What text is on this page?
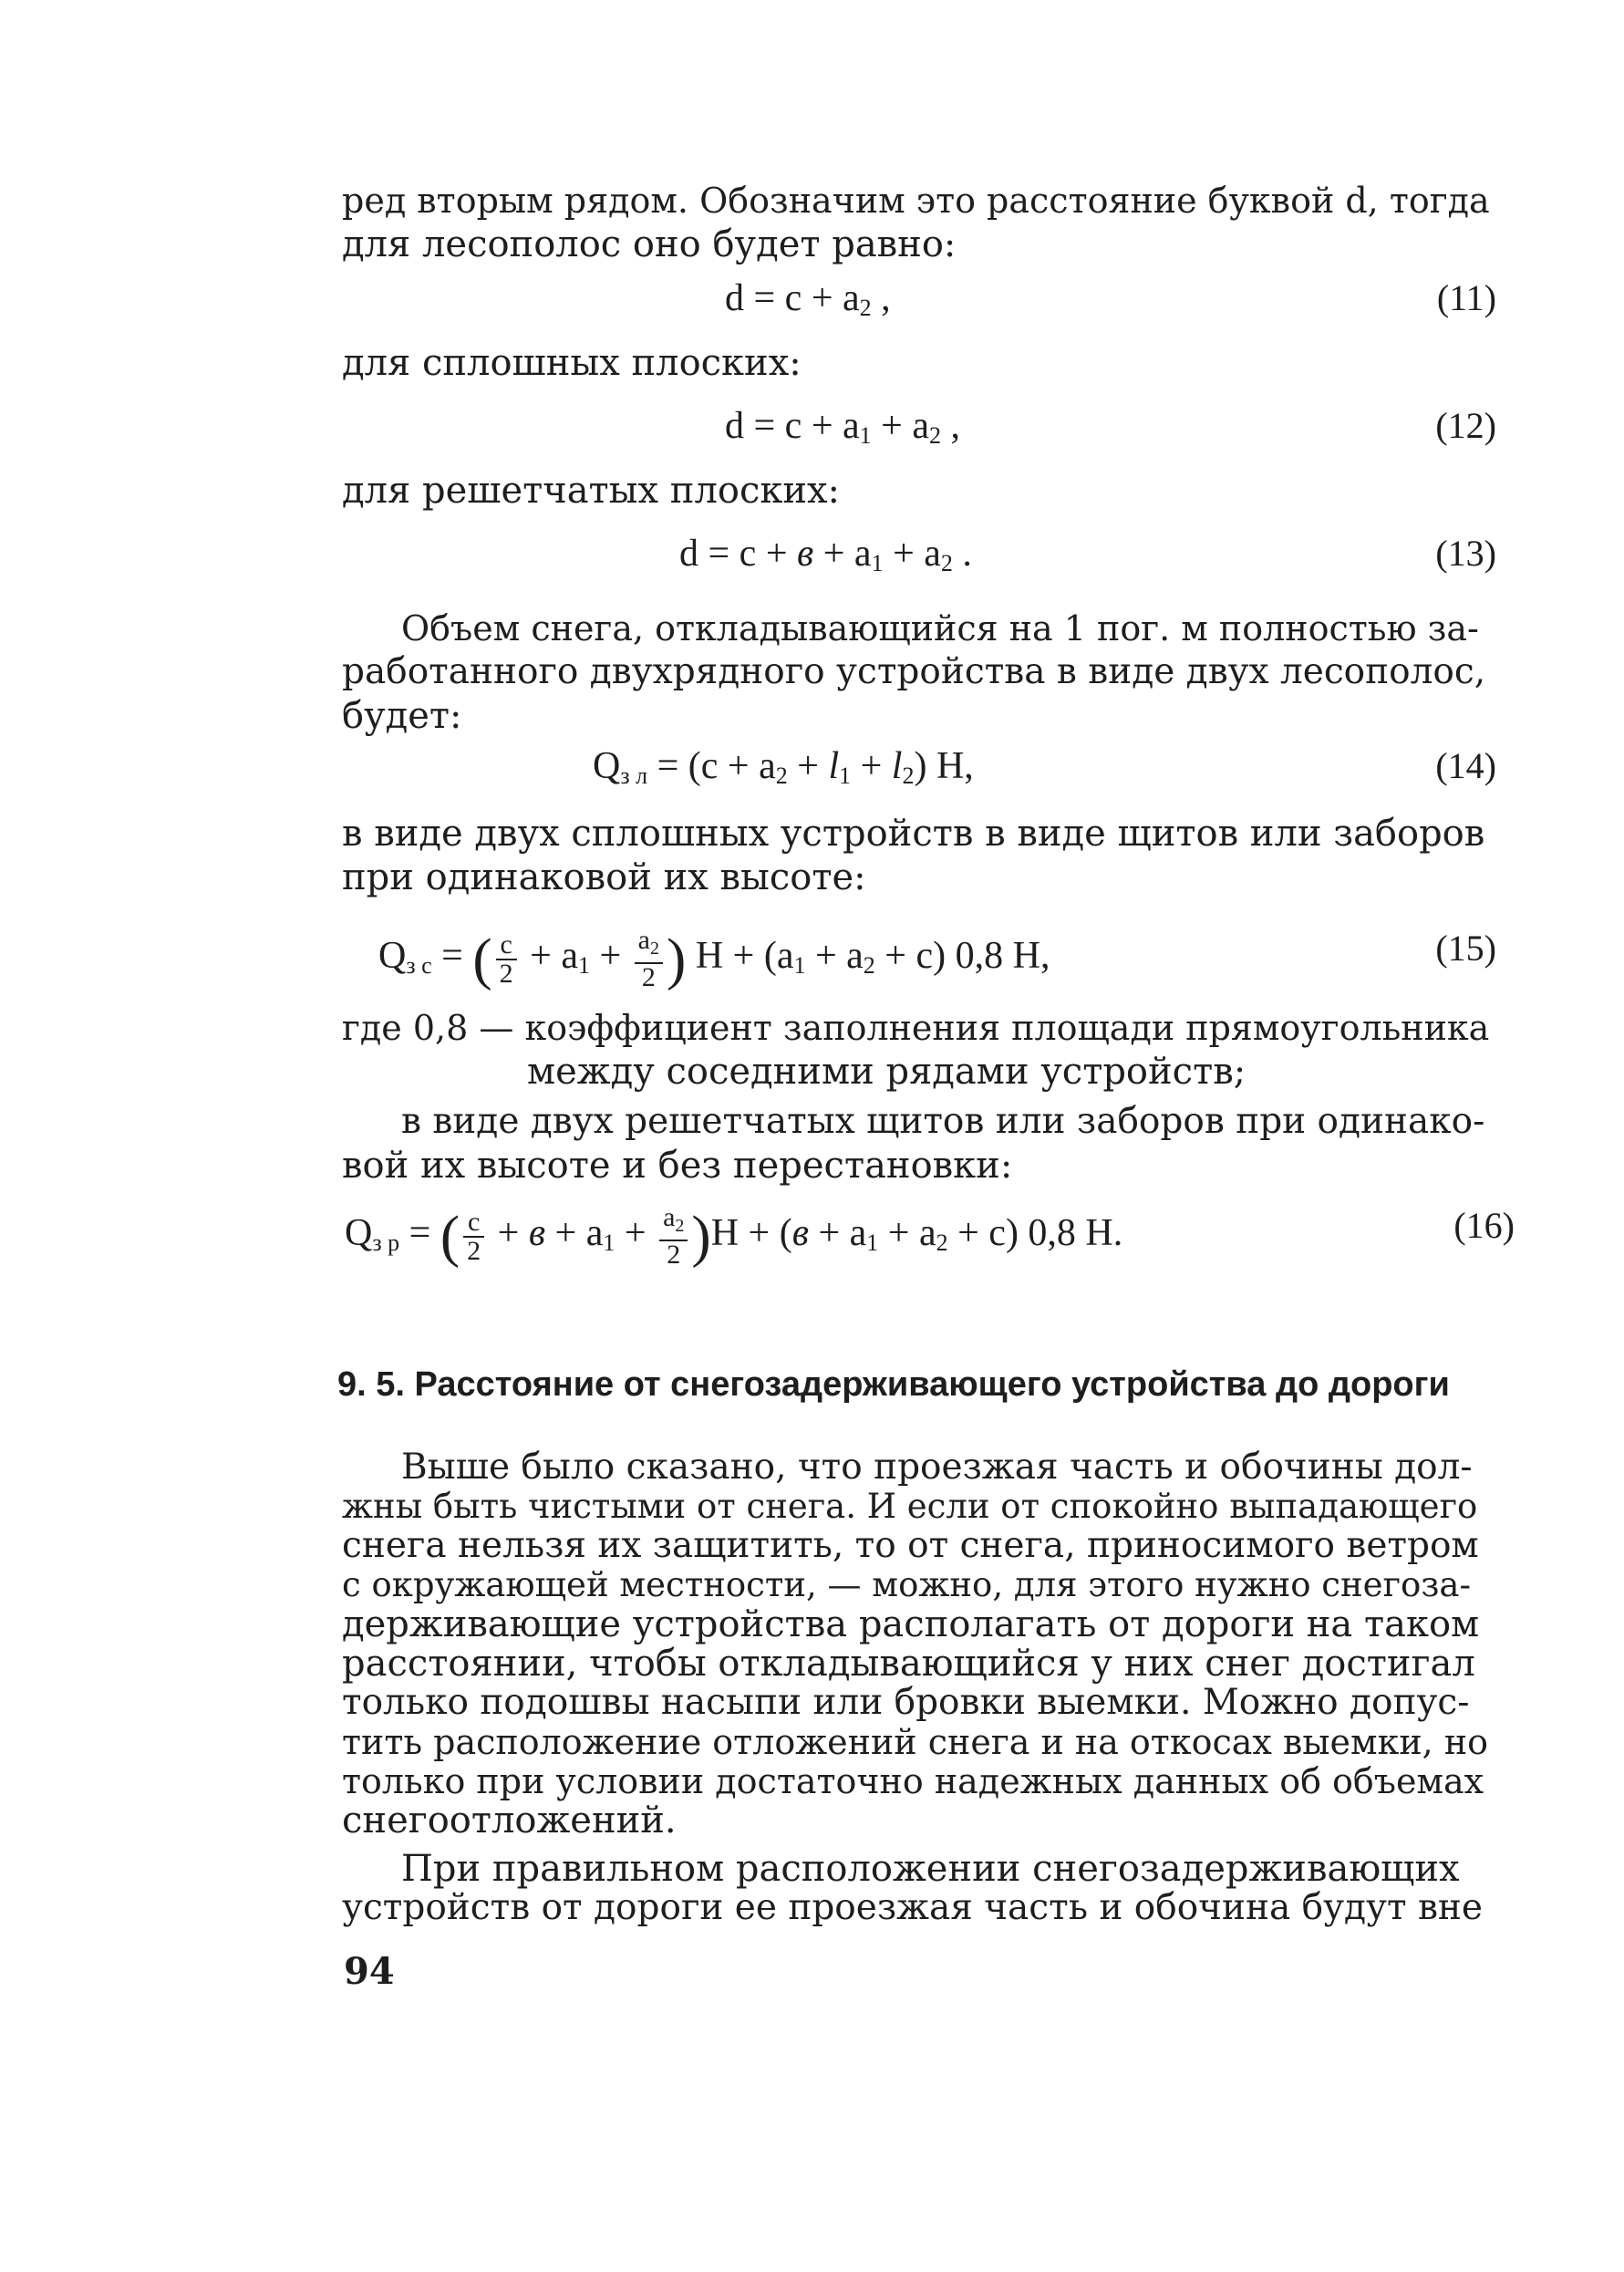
ред вторым рядом. Обозначим это расстояние буквой d, тогда
для лесополос оно будет равно:
$d = c + a_2$ ,	(11)
для сплошных плоских:
$d = c + a_1 + a_2$ ,	(12)
для решетчатых плоских:
$d = c + в + a_1 + a_2$ .	(13)
Объем снега, откладывающийся на 1 пог. м полностью за-
работанного двухрядного устройства в виде двух лесополос,
будет:
$Q_{з л} = (c + a_2 + l_1 + l_2)$ H,	(14)
в виде двух сплошных устройств в виде щитов или заборов
при одинаковой их высоте:
$Q_{з с}$ = ( $\frac{c}{2} + a_1 + \frac{a_2}{2}$ ) $H + (a_1 + a_2 + c)$ 0,8 H,	(15)
где 0,8 — коэффициент заполнения площади прямоугольника
между соседними рядами устройств;
в виде двух решетчатых щитов или заборов при одинако-
вой их высоте и без перестановки:
$Q_{з р}$ = ( $\frac{c}{2} + в + a_1 + \frac{a_2}{2} )H + (в + a_1 + a_2 + c)$ 0,8 H.	(16)
9. 5. Расстояние от снегозадерживающего устройства до дороги
Выше было сказано, что проезжая часть и обочины дол-
жны быть чистыми от снега. И если от спокойно выпадающего
снега нельзя их защитить, то от снега, приносимого ветром
с окружающей местности, — можно, для этого нужно снегоза-
держивающие устройства располагать от дороги на таком
расстоянии, чтобы откладывающийся у них снег достигал
только подошвы насыпи или бровки выемки. Можно допус-
тить расположение отложений снега и на откосах выемки, но
только при условии достаточно надежных данных об объемах
снегоотложений.
При правильном расположении снегозадерживающих
устройств от дороги ее проезжая часть и обочина будут вне
94
